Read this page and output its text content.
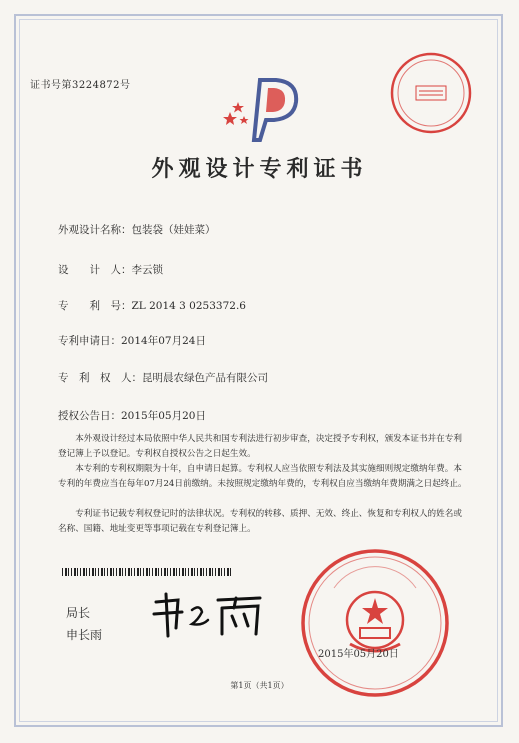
证书号第3224872号
外观设计专利证书
外观设计名称：包装袋（娃娃菜）
设　　计　人：李云锁
专　　利　号：ZL 2014 3 0253372.6
专利申请日：2014年07月24日
专　利　权　人：昆明晨农绿色产品有限公司
授权公告日：2015年05月20日
本外观设计经过本局依照中华人民共和国专利法进行初步审查，决定授予专利权，颁发本证书并在专利登记簿上予以登记。专利权自授权公告之日起生效。
本专利的专利权期限为十年，自申请日起算。专利权人应当依照专利法及其实施细则规定缴纳年费。本专利的年费应当在每年07月24日前缴纳。未按照规定缴纳年费的，专利权自应当缴纳年费期满之日起终止。
专利证书记载专利权登记时的法律状况。专利权的转移、质押、无效、终止、恢复和专利权人的姓名或名称、国籍、地址变更等事项记载在专利登记簿上。
局长
申长雨
2015年05月20日
第1页（共1页）
